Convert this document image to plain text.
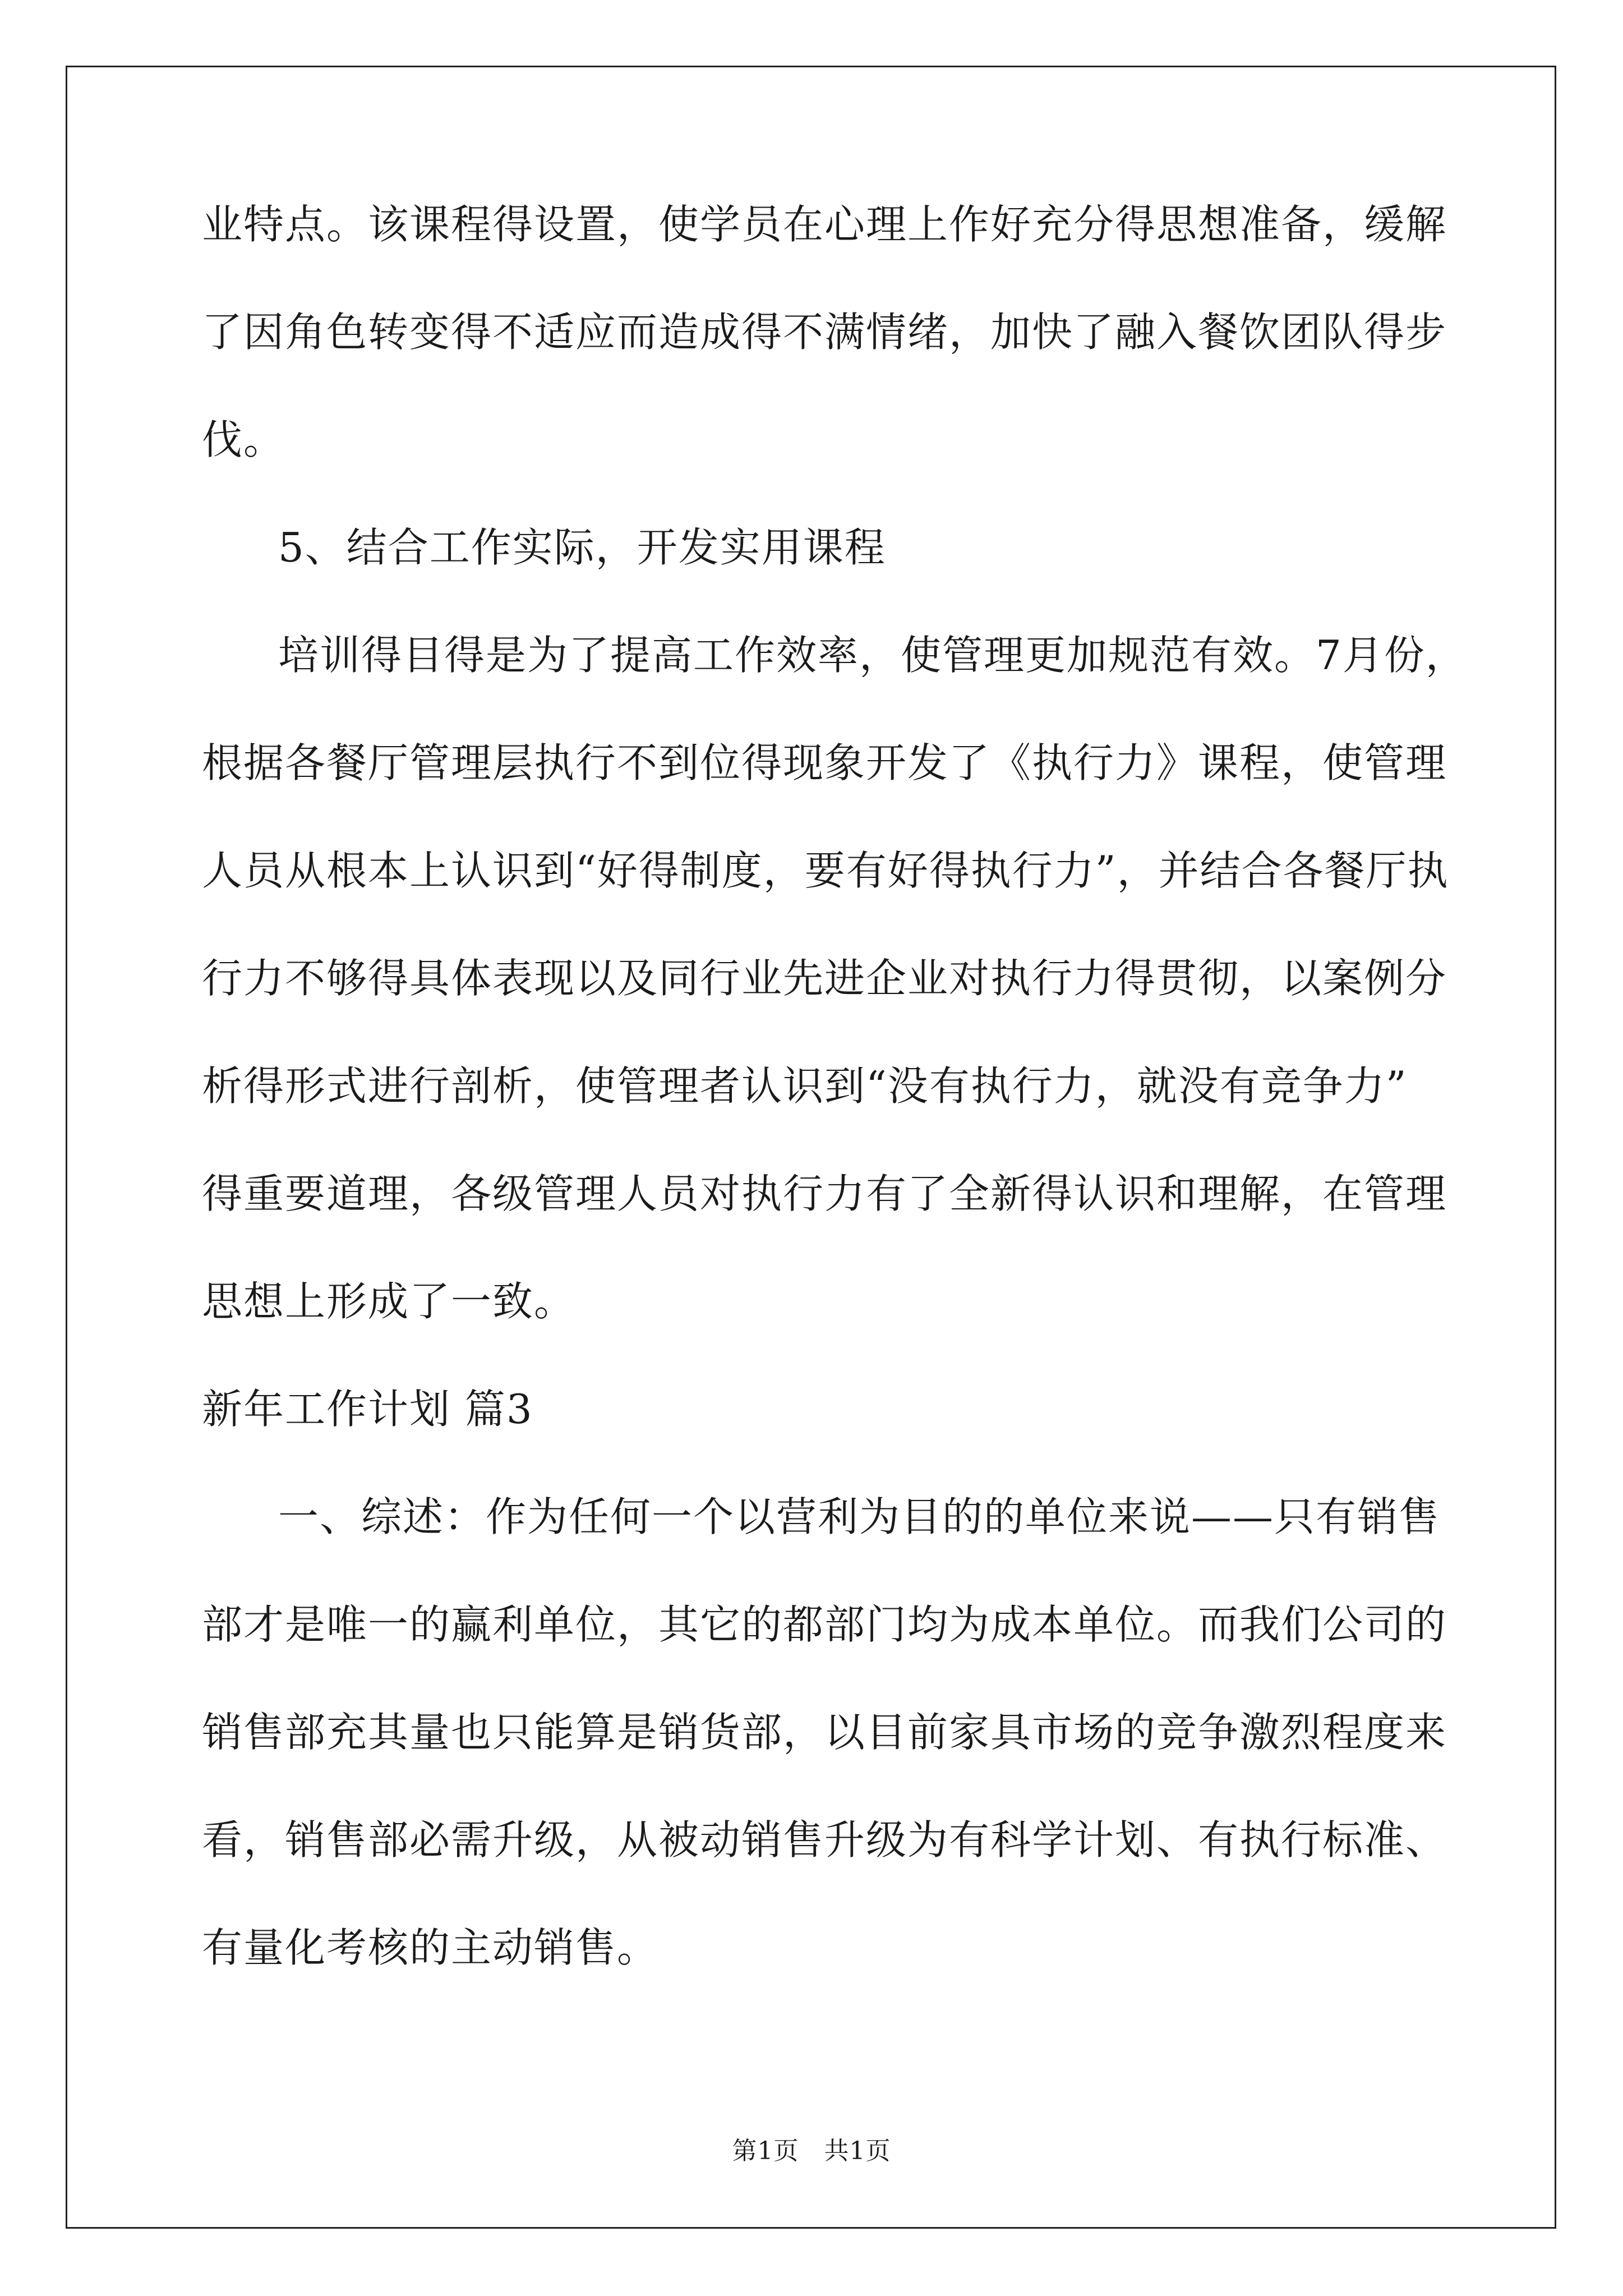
业特点。该课程得设置，使学员在心理上作好充分得思想准备，缓解
了因角色转变得不适应而造成得不满情绪，加快了融入餐饮团队得步
伐。
5、结合工作实际，开发实用课程
培训得目得是为了提高工作效率，使管理更加规范有效。7月份，
根据各餐厅管理层执行不到位得现象开发了《执行力》课程，使管理
人员从根本上认识到“好得制度，要有好得执行力”，并结合各餐厅执
行力不够得具体表现以及同行业先进企业对执行力得贯彻，以案例分
析得形式进行剖析，使管理者认识到“没有执行力，就没有竞争力”
得重要道理，各级管理人员对执行力有了全新得认识和理解，在管理
思想上形成了一致。
新年工作计划 篇3
一、综述：作为任何一个以营利为目的的单位来说——只有销售
部才是唯一的赢利单位，其它的都部门均为成本单位。而我们公司的
销售部充其量也只能算是销货部，以目前家具市场的竞争激烈程度来
看，销售部必需升级，从被动销售升级为有科学计划、有执行标准、
有量化考核的主动销售。
第1页　共1页
